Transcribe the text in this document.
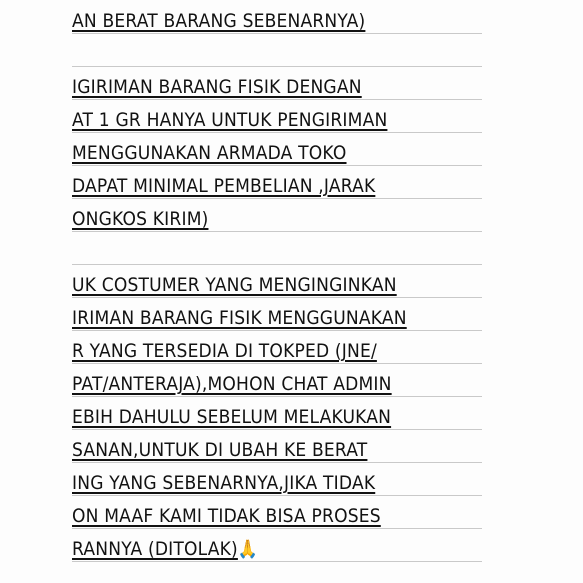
AN BERAT BARANG SEBENARNYA)
IGIRIMAN BARANG FISIK DENGAN
AT 1 GR HANYA UNTUK PENGIRIMAN
MENGGUNAKAN ARMADA TOKO
DAPAT MINIMAL PEMBELIAN ,JARAK
ONGKOS KIRIM)
UK COSTUMER YANG MENGINGINKAN
IRIMAN BARANG FISIK MENGGUNAKAN
R YANG TERSEDIA DI TOKPED (JNE/
PAT/ANTERAJA),MOHON CHAT ADMIN
EBIH DAHULU SEBELUM MELAKUKAN
SANAN,UNTUK DI UBAH KE BERAT
ING YANG SEBENARNYA,JIKA TIDAK
ON MAAF KAMI TIDAK BISA PROSES
RANNYA (DITOLAK)🙏
